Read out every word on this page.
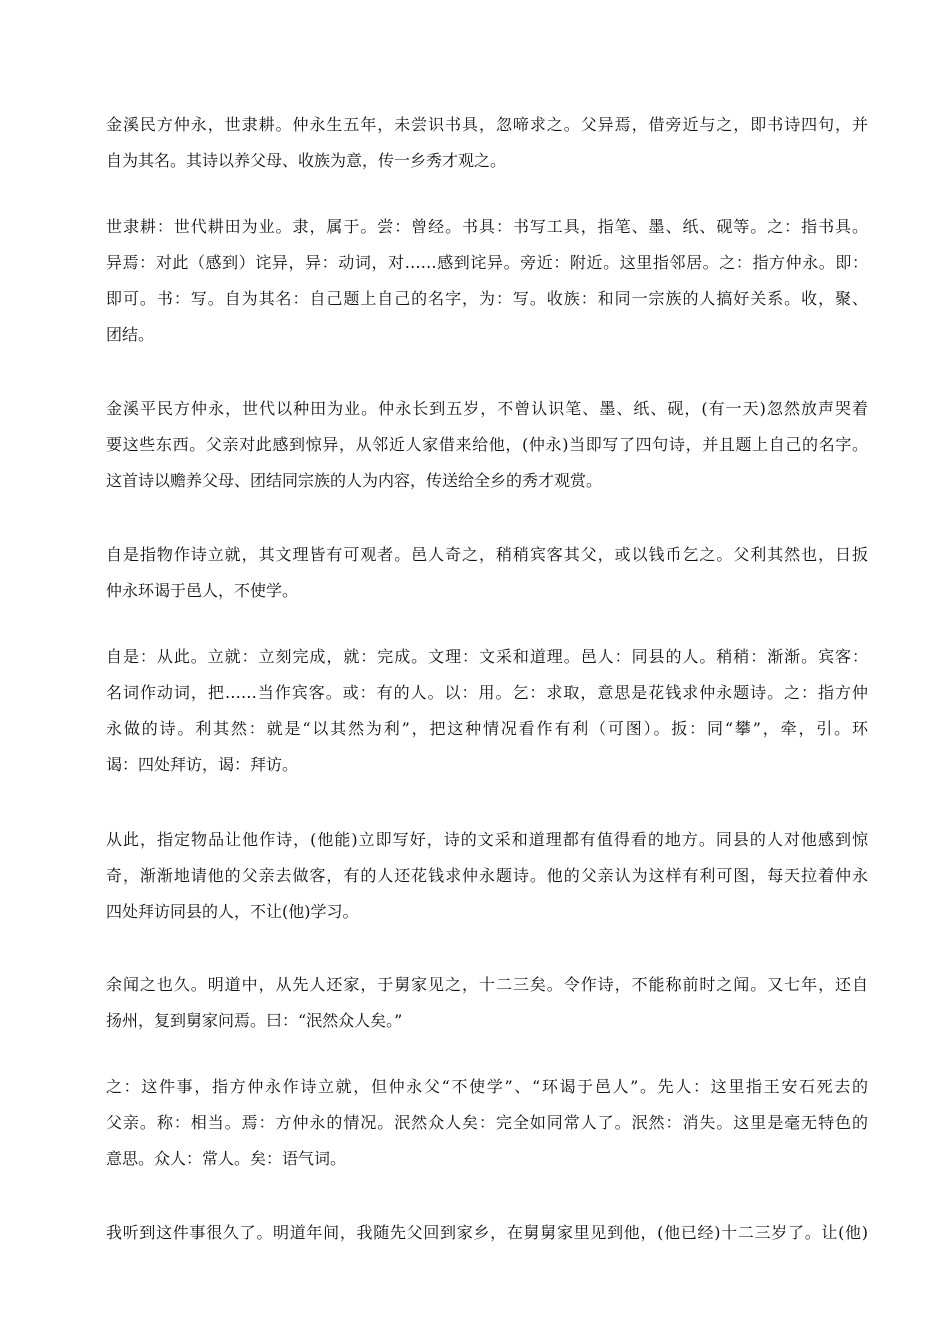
金溪民方仲永，世隶耕。仲永生五年，未尝识书具，忽啼求之。父异焉，借旁近与之，即书诗四句，并
自为其名。其诗以养父母、收族为意，传一乡秀才观之。

世隶耕：世代耕田为业。隶，属于。尝：曾经。书具：书写工具，指笔、墨、纸、砚等。之：指书具。
异焉：对此（感到）诧异，异：动词，对……感到诧异。旁近：附近。这里指邻居。之：指方仲永。即：
即可。书：写。自为其名：自己题上自己的名字，为：写。收族：和同一宗族的人搞好关系。收，聚、
团结。

金溪平民方仲永，世代以种田为业。仲永长到五岁，不曾认识笔、墨、纸、砚，(有一天)忽然放声哭着
要这些东西。父亲对此感到惊异，从邻近人家借来给他，(仲永)当即写了四句诗，并且题上自己的名字。
这首诗以赡养父母、团结同宗族的人为内容，传送给全乡的秀才观赏。

自是指物作诗立就，其文理皆有可观者。邑人奇之，稍稍宾客其父，或以钱币乞之。父利其然也，日扳
仲永环谒于邑人，不使学。

自是：从此。立就：立刻完成，就：完成。文理：文采和道理。邑人：同县的人。稍稍：渐渐。宾客：
名词作动词，把……当作宾客。或：有的人。以：用。乞：求取，意思是花钱求仲永题诗。之：指方仲
永做的诗。利其然：就是“以其然为利”，把这种情况看作有利（可图）。扳：同“攀”，牵，引。环
谒：四处拜访，谒：拜访。

从此，指定物品让他作诗，(他能)立即写好，诗的文采和道理都有值得看的地方。同县的人对他感到惊
奇，渐渐地请他的父亲去做客，有的人还花钱求仲永题诗。他的父亲认为这样有利可图，每天拉着仲永
四处拜访同县的人，不让(他)学习。

余闻之也久。明道中，从先人还家，于舅家见之，十二三矣。令作诗，不能称前时之闻。又七年，还自
扬州，复到舅家问焉。曰：“泯然众人矣。”

之：这件事，指方仲永作诗立就，但仲永父“不使学”、“环谒于邑人”。先人：这里指王安石死去的
父亲。称：相当。焉：方仲永的情况。泯然众人矣：完全如同常人了。泯然：消失。这里是毫无特色的
意思。众人：常人。矣：语气词。

我听到这件事很久了。明道年间，我随先父回到家乡，在舅舅家里见到他，(他已经)十二三岁了。让(他)
